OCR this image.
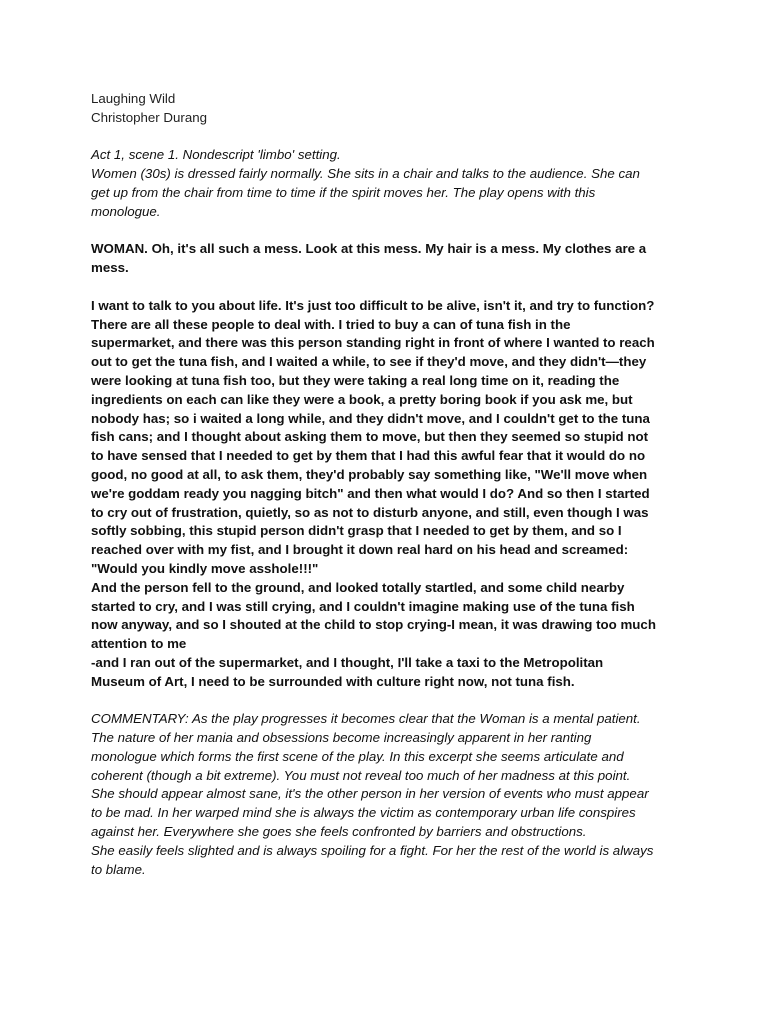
Laughing Wild
Christopher Durang
Act 1, scene 1. Nondescript 'limbo' setting.
Women (30s) is dressed fairly normally. She sits in a chair and talks to the audience. She can
get up from the chair from time to time if the spirit moves her. The play opens with this
monologue.
WOMAN. Oh, it's all such a mess. Look at this mess. My hair is a mess. My clothes are a
mess.
I want to talk to you about life. It's just too difficult to be alive, isn't it, and try to function?
There are all these people to deal with. I tried to buy a can of tuna fish in the
supermarket, and there was this person standing right in front of where I wanted to reach
out to get the tuna fish, and I waited a while, to see if they'd move, and they didn't—they
were looking at tuna fish too, but they were taking a real long time on it, reading the
ingredients on each can like they were a book, a pretty boring book if you ask me, but
nobody has; so i waited a long while, and they didn't move, and I couldn't get to the tuna
fish cans; and I thought about asking them to move, but then they seemed so stupid not
to have sensed that I needed to get by them that I had this awful fear that it would do no
good, no good at all, to ask them, they'd probably say something like, "We'll move when
we're goddam ready you nagging bitch" and then what would I do? And so then I started
to cry out of frustration, quietly, so as not to disturb anyone, and still, even though I was
softly sobbing, this stupid person didn't grasp that I needed to get by them, and so I
reached over with my fist, and I brought it down real hard on his head and screamed:
"Would you kindly move asshole!!!"
And the person fell to the ground, and looked totally startled, and some child nearby
started to cry, and I was still crying, and I couldn't imagine making use of the tuna fish
now anyway, and so I shouted at the child to stop crying-I mean, it was drawing too much
attention to me
-and I ran out of the supermarket, and I thought, I'll take a taxi to the Metropolitan
Museum of Art, I need to be surrounded with culture right now, not tuna fish.
COMMENTARY: As the play progresses it becomes clear that the Woman is a mental patient.
The nature of her mania and obsessions become increasingly apparent in her ranting
monologue which forms the first scene of the play. In this excerpt she seems articulate and
coherent (though a bit extreme). You must not reveal too much of her madness at this point.
She should appear almost sane, it's the other person in her version of events who must appear
to be mad. In her warped mind she is always the victim as contemporary urban life conspires
against her. Everywhere she goes she feels confronted by barriers and obstructions.
She easily feels slighted and is always spoiling for a fight. For her the rest of the world is always
to blame.
